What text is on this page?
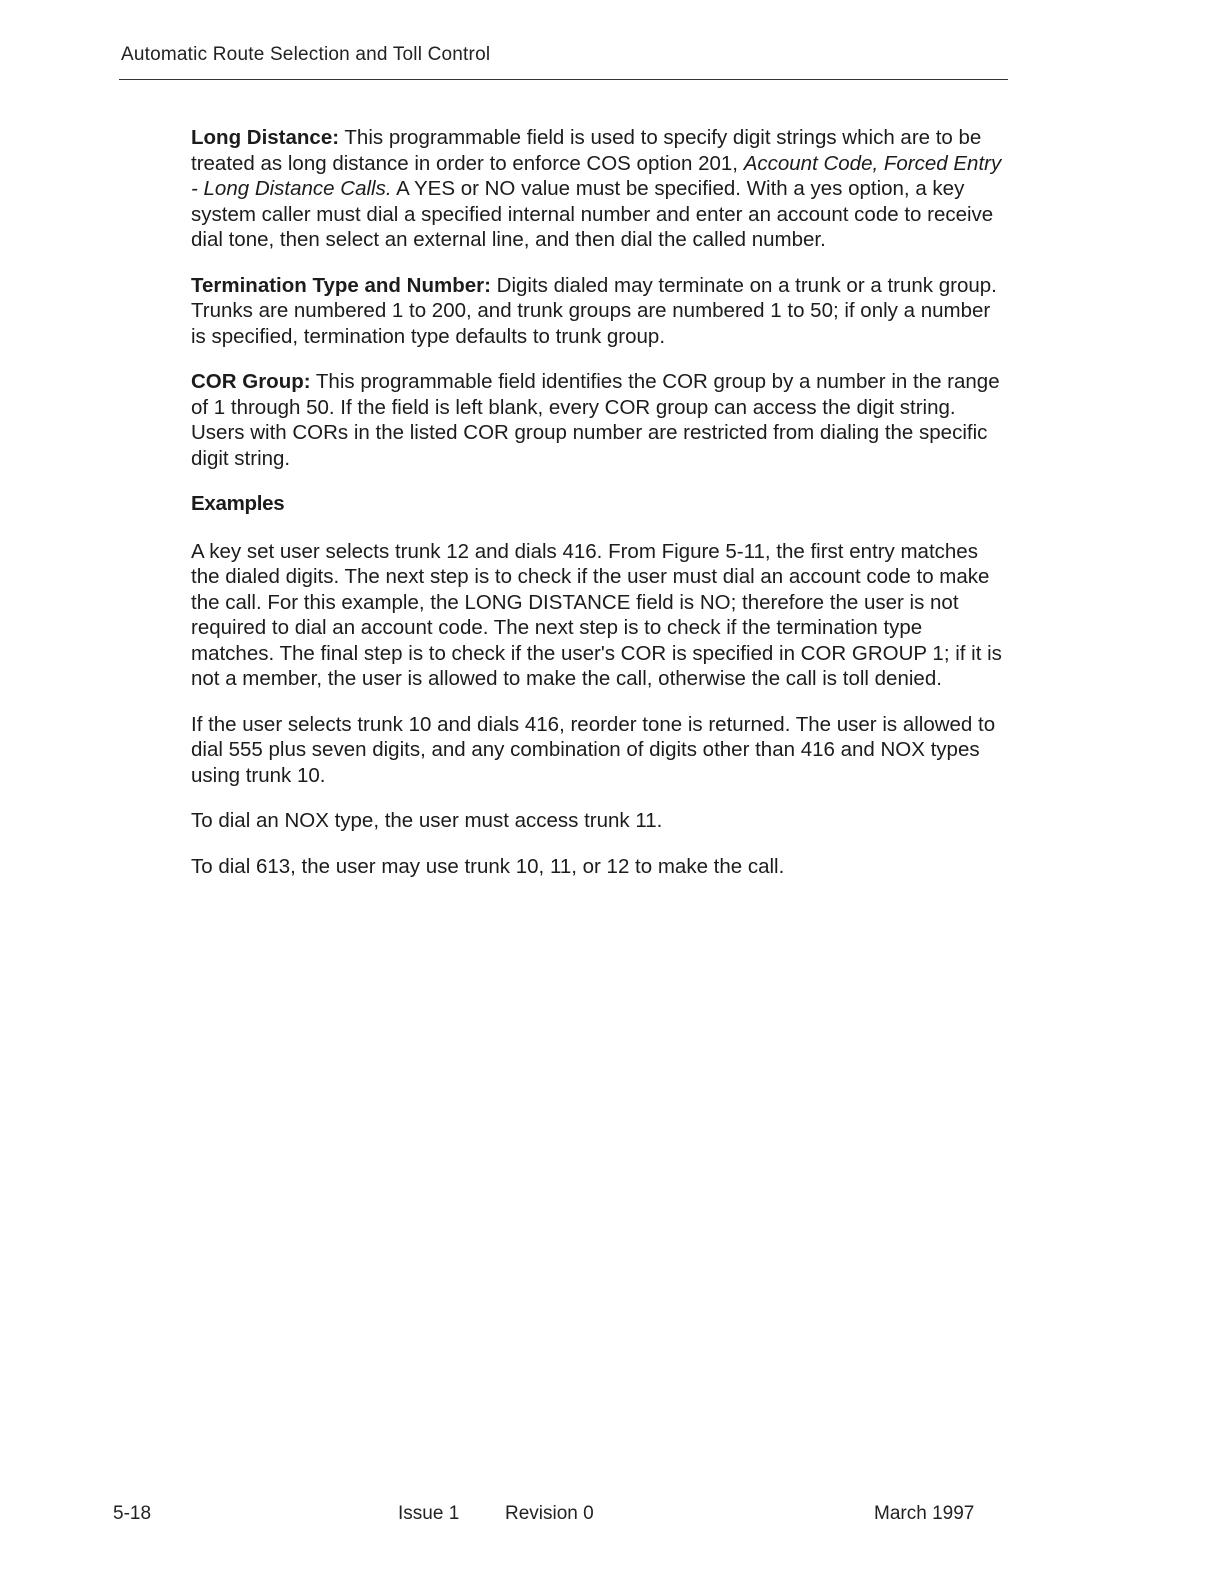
Automatic Route Selection and Toll Control

Long Distance: This programmable field is used to specify digit strings which are to be treated as long distance in order to enforce COS option 201, Account Code, Forced Entry - Long Distance Calls. A YES or NO value must be specified. With a yes option, a key system caller must dial a specified internal number and enter an account code to receive dial tone, then select an external line, and then dial the called number.

Termination Type and Number: Digits dialed may terminate on a trunk or a trunk group. Trunks are numbered 1 to 200, and trunk groups are numbered 1 to 50; if only a number is specified, termination type defaults to trunk group.

COR Group: This programmable field identifies the COR group by a number in the range of 1 through 50. If the field is left blank, every COR group can access the digit string. Users with CORs in the listed COR group number are restricted from dialing the specific digit string.

Examples

A key set user selects trunk 12 and dials 416. From Figure 5-11, the first entry matches the dialed digits. The next step is to check if the user must dial an account code to make the call. For this example, the LONG DISTANCE field is NO; therefore the user is not required to dial an account code. The next step is to check if the termination type matches. The final step is to check if the user's COR is specified in COR GROUP 1; if it is not a member, the user is allowed to make the call, otherwise the call is toll denied.

If the user selects trunk 10 and dials 416, reorder tone is returned. The user is allowed to dial 555 plus seven digits, and any combination of digits other than 416 and NOX types using trunk 10.

To dial an NOX type, the user must access trunk 11.

To dial 613, the user may use trunk 10, 11, or 12 to make the call.

5-18	Issue 1 Revision 0	March 1997
